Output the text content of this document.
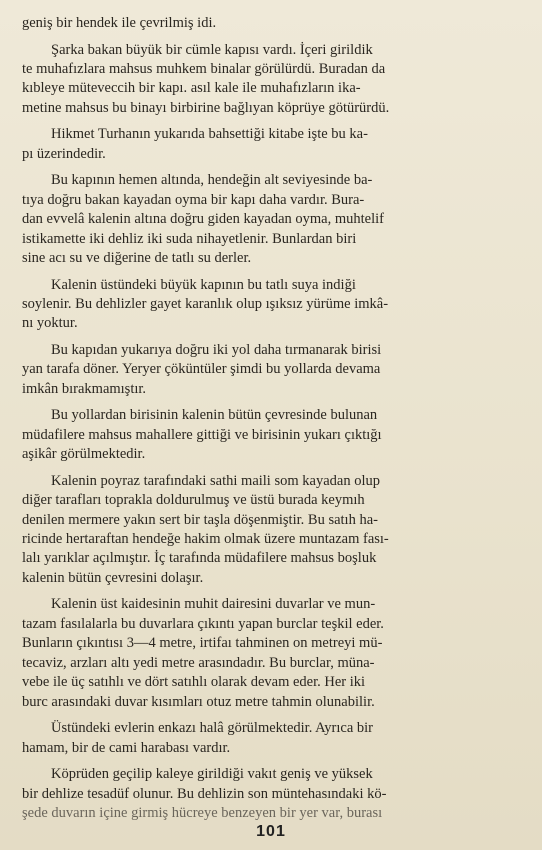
geniş bir hendek ile çevrilmiş idi.

Şarka bakan büyük bir cümle kapısı vardı. İçeri girildik
te muhafızlara mahsus muhkem binalar görülürdü. Buradan da
kıbleye müteveccih bir kapı. asıl kale ile muhafızların ika-
metine mahsus bu binayı birbirine bağlıyan köprüye götürürdü.

Hikmet Turhanın yukarıda bahsettiği kitabe işte bu ka-
pı üzerindedir.

Bu kapının hemen altında, hendeğin alt seviyesinde ba-
tıya doğru bakan kayadan oyma bir kapı daha vardır. Bura-
dan evvelâ kalenin altına doğru giden kayadan oyma, muhtelif
istikamette iki dehliz iki suda nihayetlenir. Bunlardan biri
sine acı su ve diğerine de tatlı su derler.

Kalenin üstündeki büyük kapının bu tatlı suya indiği
soylenir. Bu dehlizler gayet karanlık olup ışıksız yürüme imkâ-
nı yoktur.

Bu kapıdan yukarıya doğru iki yol daha tırmanarak birisi
yan tarafa döner. Yeryer çöküntüler şimdi bu yollarda devama
imkân bırakmamıştır.

Bu yollardan birisinin kalenin bütün çevresinde bulunan
müdafilere mahsus mahallere gittiği ve birisinin yukarı çıktığı
aşikâr görülmektedir.

Kalenin poyraz tarafındaki sathi maili som kayadan olup
diğer tarafları toprakla doldurulmuş ve üstü burada keymıh
denilen mermere yakın sert bir taşla döşenmiştir. Bu satıh ha-
ricinde hertaraftan hendeğe hakim olmak üzere muntazam fası-
lalı yarıklar açılmıştır. İç tarafında müdafilere mahsus boşluk
kalenin bütün çevresini dolaşır.

Kalenin üst kaidesinin muhit dairesini duvarlar ve mun-
tazam fasılalarla bu duvarlara çıkıntı yapan burclar teşkil eder.
Bunların çıkıntısı 3—4 metre, irtifaı tahminen on metreyi mü-
tecaviz, arzları altı yedi metre arasındadır. Bu burclar, müna-
vebe ile üç satıhlı ve dört satıhlı olarak devam eder. Her iki
burc arasındaki duvar kısımları otuz metre tahmin olunabilir.

Üstündeki evlerin enkazı halâ görülmektedir. Ayrıca bir
hamam, bir de cami harabası vardır.

Köprüden geçilip kaleye girildiği vakıt geniş ve yüksek
bir dehlize tesadüf olunur. Bu dehlizin son müntehasındaki kö-
şede duvarın içine girmiş hücreye benzeyen bir yer var, burası

101
